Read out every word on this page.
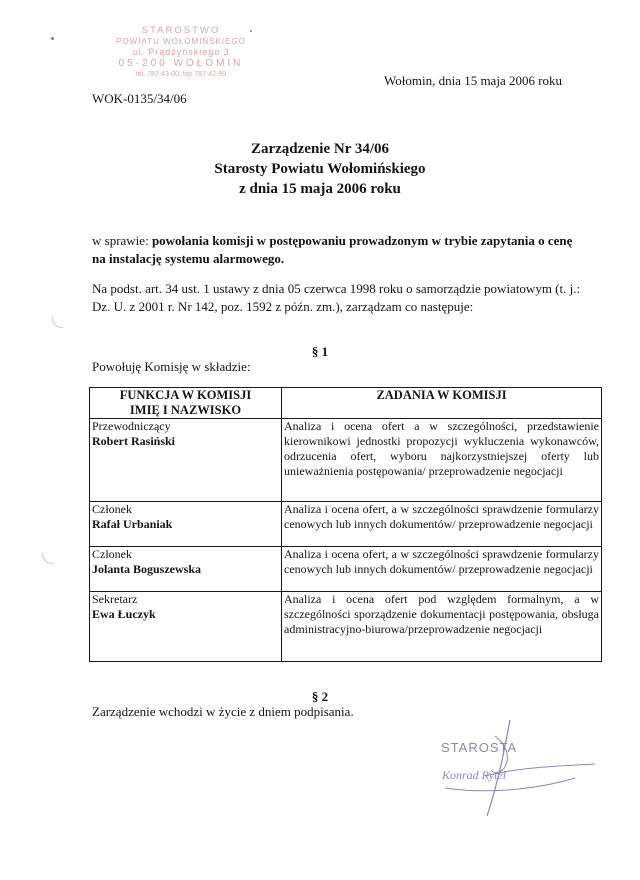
STAROSTWO
POWIATU WOŁOMIŃSKIEGO
ul. Prądzyńskiego 3
05-200 WOŁOMIN
tel. 787-43-00, fax 787-42-99	Wołomin, dnia 15 maja 2006 roku
WOK-0135/34/06
Zarządzenie Nr 34/06
Starosty Powiatu Wołomińskiego
z dnia 15 maja 2006 roku
w sprawie: powołania komisji w postępowaniu prowadzonym w trybie zapytania o cenę na instalację systemu alarmowego.
Na podst. art. 34 ust. 1 ustawy z dnia 05 czerwca 1998 roku o samorządzie powiatowym (t. j.: Dz. U. z 2001 r. Nr 142, poz. 1592 z późn. zm.), zarządzam co następuje:
§ 1
Powołuję Komisję w składzie:
FUNKCJA W KOMISJI IMIĘ I NAZWISKO	ZADANIA W KOMISJI

Przewodniczący
Robert Rasiński	Analiza i ocena ofert a w szczególności, przedstawienie kierownikowi jednostki propozycji wykluczenia wykonawców, odrzucenia ofert, wyboru najkorzystniejszej oferty lub unieważnienia postępowania/ przeprowadzenie negocjacji

Członek
Rafał Urbaniak	Analiza i ocena ofert, a w szczególności sprawdzenie formularzy cenowych lub innych dokumentów/ przeprowadzenie negocjacji

Członek
Jolanta Boguszewska	Analiza i ocena ofert, a w szczególności sprawdzenie formularzy cenowych lub innych dokumentów/ przeprowadzenie negocjacji

Sekretarz
Ewa Łuczyk	Analiza i ocena ofert pod względem formalnym, a w szczególności sporządzenie dokumentacji postępowania, obsługa administracyjno-biurowa/przeprowadzenie negocjacji
§ 2
Zarządzenie wchodzi w życie z dniem podpisania.
STAROSTA
Konrad Rytel
